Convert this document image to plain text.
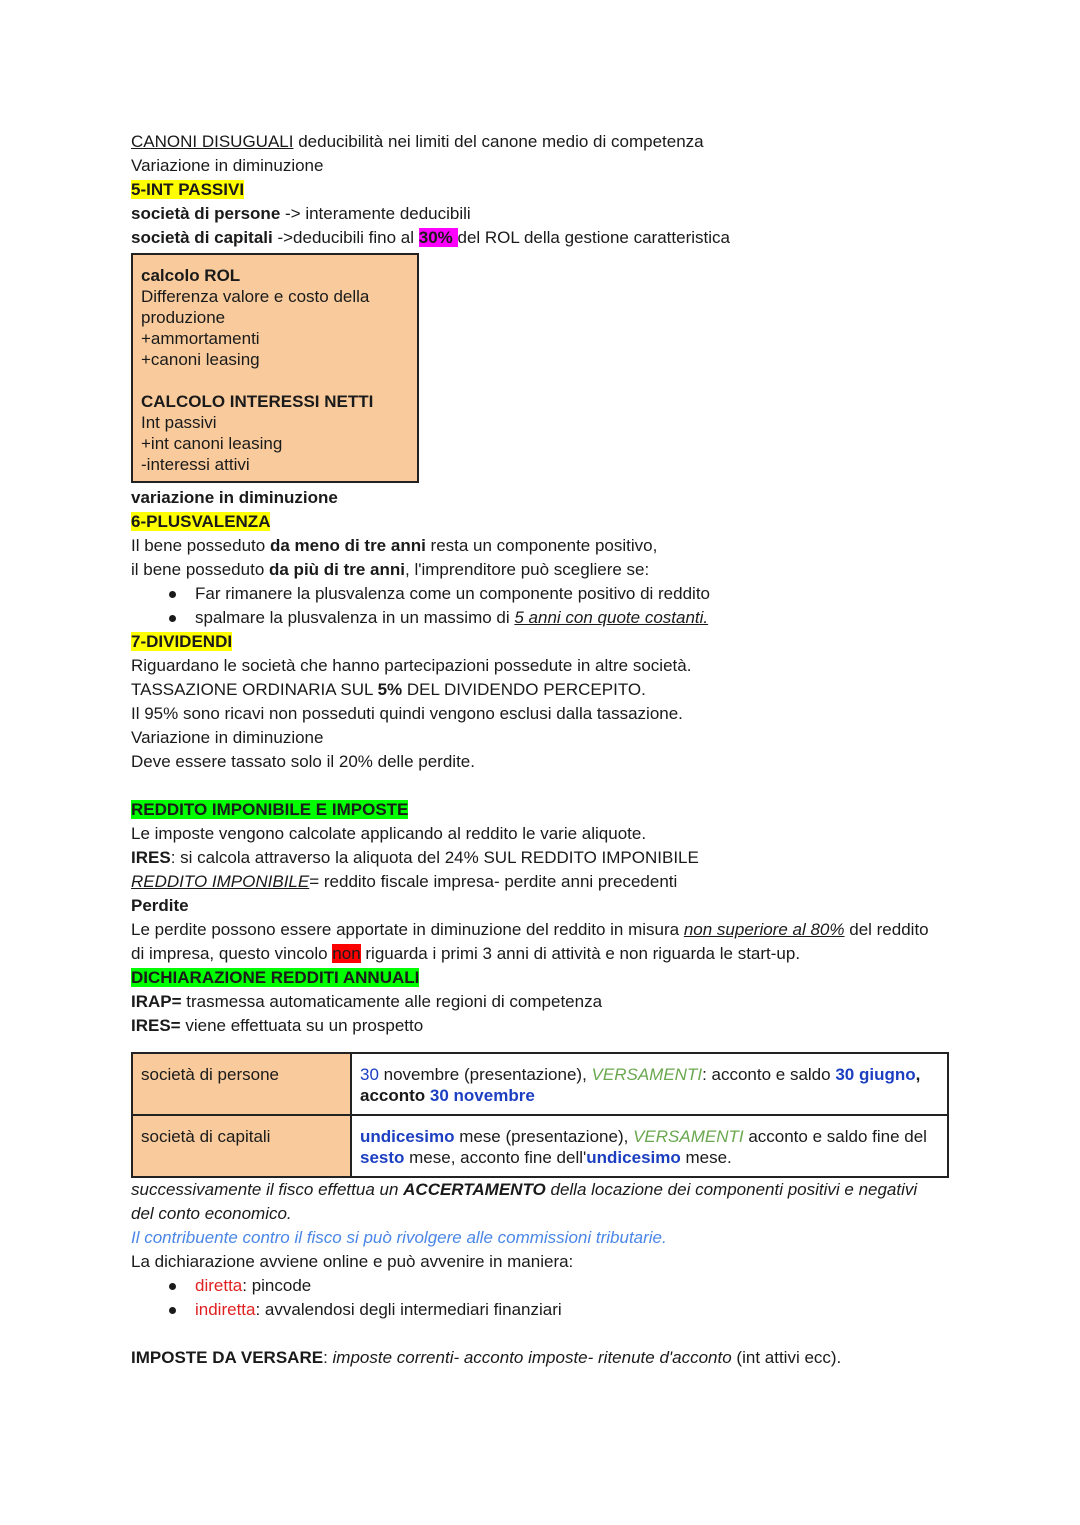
CANONI DISUGUALI deducibilità nei limiti del canone medio di competenza
Variazione in diminuzione
5-INT PASSIVI
società di persone -> interamente deducibili
società di capitali ->deducibili fino al 30% del ROL della gestione caratteristica
calcolo ROL
Differenza valore e costo della
produzione
+ammortamenti
+canoni leasing
CALCOLO INTERESSI NETTI
Int passivi
+int canoni leasing
-interessi attivi
variazione in diminuzione
6-PLUSVALENZA
Il bene posseduto da meno di tre anni resta un componente positivo,
il bene posseduto da più di tre anni, l'imprenditore può scegliere se:
Far rimanere la plusvalenza come un componente positivo di reddito
spalmare la plusvalenza in un massimo di 5 anni con quote costanti.
7-DIVIDENDI
Riguardano le società che hanno partecipazioni possedute in altre società.
TASSAZIONE ORDINARIA SUL 5% DEL DIVIDENDO PERCEPITO.
Il 95% sono ricavi non posseduti quindi vengono esclusi dalla tassazione.
Variazione in diminuzione
Deve essere tassato solo il 20% delle perdite.
REDDITO IMPONIBILE E IMPOSTE
Le imposte vengono calcolate applicando al reddito le varie aliquote.
IRES: si calcola attraverso la aliquota del 24% SUL REDDITO IMPONIBILE
REDDITO IMPONIBILE= reddito fiscale impresa- perdite anni precedenti
Perdite
Le perdite possono essere apportate in diminuzione del reddito in misura non superiore al 80% del reddito di impresa, questo vincolo non riguarda i primi 3 anni di attività e non riguarda le start-up.
DICHIARAZIONE REDDITI ANNUALI
IRAP= trasmessa automaticamente alle regioni di competenza
IRES= viene effettuata su un prospetto
società di persone	30 novembre (presentazione), VERSAMENTI: acconto e saldo 30 giugno, acconto 30 novembre
società di capitali	undicesimo mese (presentazione), VERSAMENTI acconto e saldo fine del sesto mese, acconto fine dell'undicesimo mese.
successivamente il fisco effettua un ACCERTAMENTO della locazione dei componenti positivi e negativi del conto economico.
Il contribuente contro il fisco si può rivolgere alle commissioni tributarie.
La dichiarazione avviene online e può avvenire in maniera:
diretta: pincode
indiretta: avvalendosi degli intermediari finanziari
IMPOSTE DA VERSARE: imposte correnti- acconto imposte- ritenute d'acconto (int attivi ecc).
